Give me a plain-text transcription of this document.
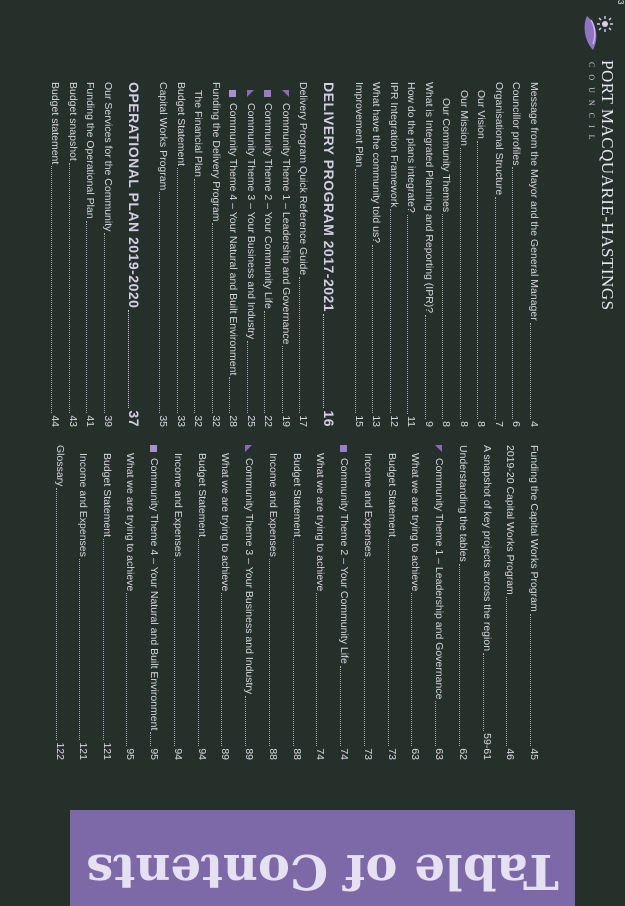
3
PORT MACQUARIE-HASTINGS
COUNCIL
Message from the Mayor and the General Manager
4
Councillor profiles
6
Organisational Structure
7
Our Vision
8
Our Mission
8
Our Community Themes
8
What is Integrated Planning and Reporting (IPR)?
9
How do the plans integrate?
11
IPR Integration Framework
12
What have the community told us?
13
Improvement Plan
15
DELIVERY PROGRAM 2017-2021
16
Delivery Program Quick Reference Guide
17
Community Theme 1 – Leadership and Governance
19
Community Theme 2 – Your Community Life
22
Community Theme 3 – Your Business and Industry
25
Community Theme 4 – Your Natural and Built Environment
28
Funding the Delivery Program
32
The Financial Plan
32
Budget Statement
33
Capital Works Program
35
OPERATIONAL PLAN 2019-2020
37
Our Services for the Community
39
Funding the Operational Plan
41
Budget snapshot
43
Budget statement
44
Funding the Capital Works Program
45
2019-20 Capital Works Program
46
A snapshot of key projects across the region
59-61
Understanding the tables
62
Community Theme 1 – Leadership and Governance
63
What we are trying to achieve
63
Budget Statement
73
Income and Expenses
73
Community Theme 2 – Your Community Life
74
What we are trying to achieve
74
Budget Statement
88
Income and Expenses
88
Community Theme 3 – Your Business and Industry
89
What we are trying to achieve
89
Budget Statement
94
Income and Expenses
94
Community Theme 4 – Your Natural and Built Environment
95
What we are trying to achieve
95
Budget Statement
121
Income and Expenses
121
Glossary
122
Table of Contents
